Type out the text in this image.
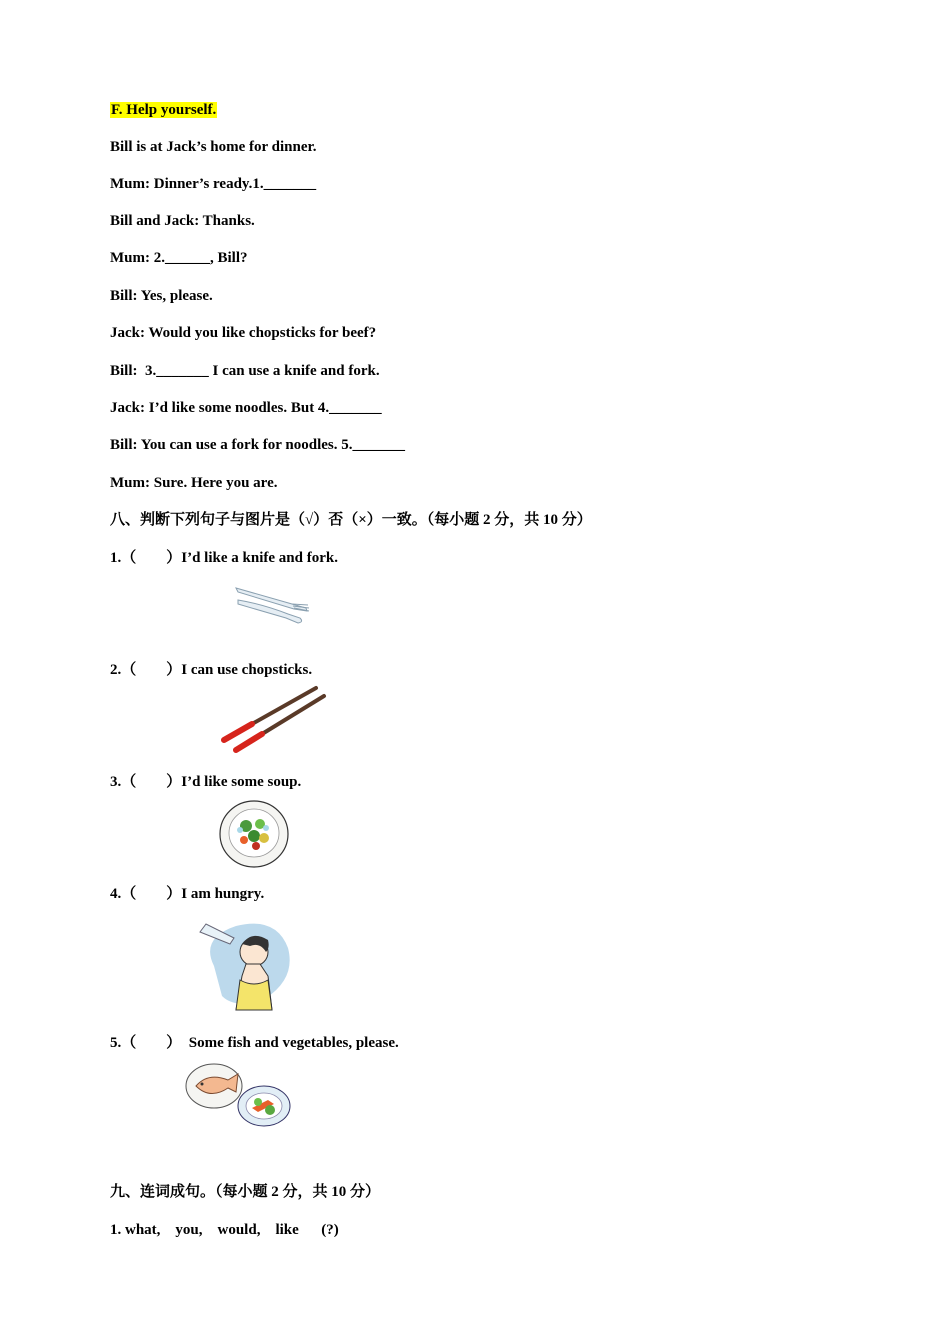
F. Help yourself.
Bill is at Jack’s home for dinner.
Mum: Dinner’s ready.1._______
Bill and Jack: Thanks.
Mum: 2.______, Bill?
Bill: Yes, please.
Jack: Would you like chopsticks for beef?
Bill:  3._______ I can use a knife and fork.
Jack: I’d like some noodles. But 4._______
Bill: You can use a fork for noodles. 5._______
Mum: Sure. Here you are.
八、判断下列句子与图片是（√）否（×）一致。（每小题 2 分，共 10 分）
1.（        ）I’d like a knife and fork.
2.（        ）I can use chopsticks.
3.（        ）I’d like some soup.
4.（        ）I am hungry.
5.（        ）  Some fish and vegetables, please.
九、连词成句。（每小题 2 分，共 10 分）
1. what,    you,    would,    like      (?)
